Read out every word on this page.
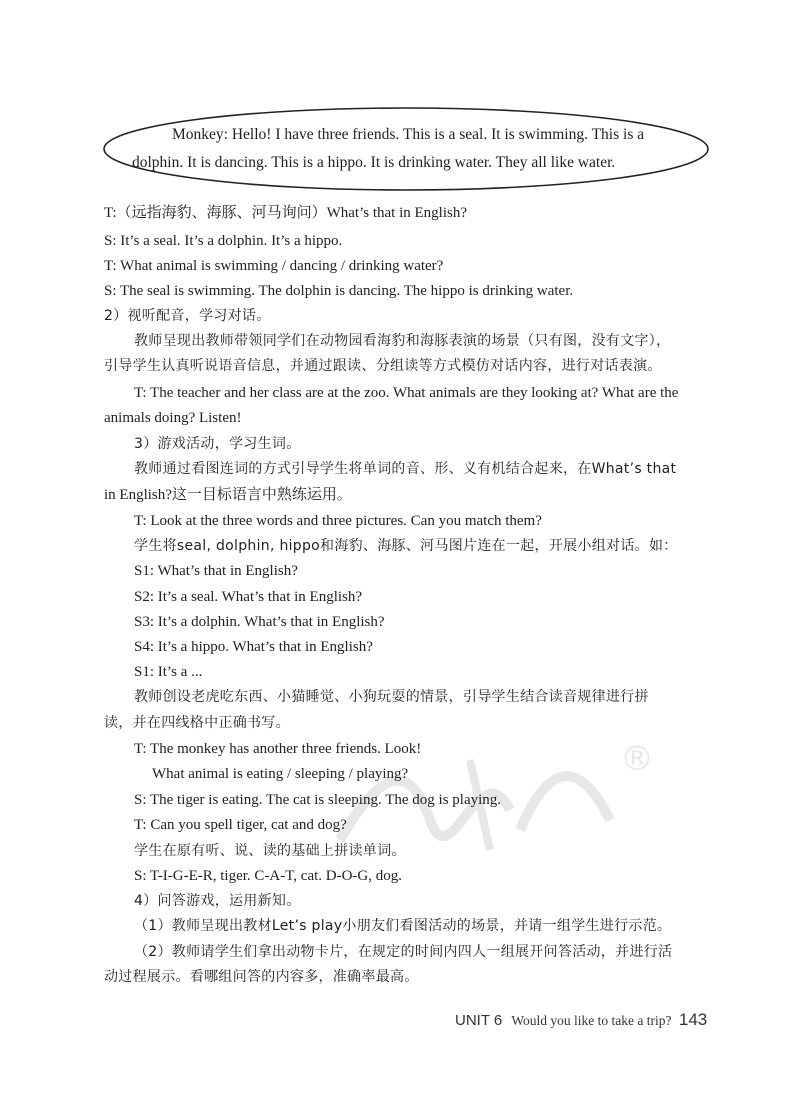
Monkey: Hello! I have three friends. This is a seal. It is swimming. This is a dolphin. It is dancing. This is a hippo. It is drinking water. They all like water.
T:（远指海豹、海豚、河马询问）What’s that in English?
S: It’s a seal. It’s a dolphin. It’s a hippo.
T: What animal is swimming / dancing / drinking water?
S: The seal is swimming. The dolphin is dancing. The hippo is drinking water.
2）视听配音，学习对话。
教师呈现出教师带领同学们在动物园看海豹和海豚表演的场景（只有图，没有文字），
引导学生认真听说语音信息，并通过跟读、分组读等方式模仿对话内容，进行对话表演。
T: The teacher and her class are at the zoo. What animals are they looking at? What are the
animals doing? Listen!
3）游戏活动，学习生词。
教师通过看图连词的方式引导学生将单词的音、形、义有机结合起来，在What’s that
in English?这一目标语言中熟练运用。
T: Look at the three words and three pictures. Can you match them?
学生将seal, dolphin, hippo和海豹、海豚、河马图片连在一起，开展小组对话。如：
S1: What’s that in English?
S2: It’s a seal. What’s that in English?
S3: It’s a dolphin. What’s that in English?
S4: It’s a hippo. What’s that in English?
S1: It’s a ...
教师创设老虎吃东西、小猫睡觉、小狗玩耍的情景，引导学生结合读音规律进行拼
读，并在四线格中正确书写。
T: The monkey has another three friends. Look!
What animal is eating / sleeping / playing?
S: The tiger is eating. The cat is sleeping. The dog is playing.
T: Can you spell tiger, cat and dog?
学生在原有听、说、读的基础上拼读单词。
S: T-I-G-E-R, tiger. C-A-T, cat. D-O-G, dog.
4）问答游戏，运用新知。
（1）教师呈现出教材Let’s play小朋友们看图活动的场景，并请一组学生进行示范。
（2）教师请学生们拿出动物卡片，在规定的时间内四人一组展开问答活动，并进行活
动过程展示。看哪组问答的内容多，准确率最高。
®
UNIT 6 Would you like to take a trip? 143
